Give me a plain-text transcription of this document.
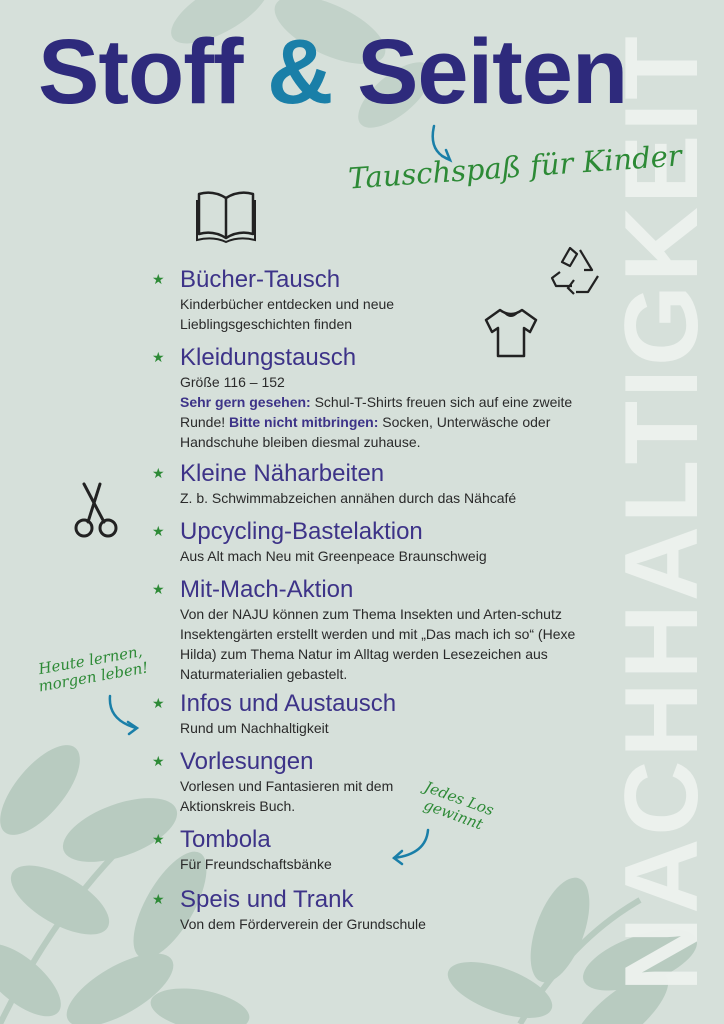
NACHHALTIGKEIT
Stoff & Seiten
Tauschspaß für Kinder
Heute lernen, morgen leben!
Jedes Los gewinnt
★ Bücher-Tausch
Kinderbücher entdecken und neue Lieblingsgeschichten finden
★ Kleidungstausch
Größe 116 – 152
Sehr gern gesehen: Schul-T-Shirts freuen sich auf eine zweite Runde! Bitte nicht mitbringen: Socken, Unterwäsche oder Handschuhe bleiben diesmal zuhause.
★ Kleine Näharbeiten
Z. b. Schwimmabzeichen annähen durch das Nähcafé
★ Upcycling-Bastelaktion
Aus Alt mach Neu mit Greenpeace Braunschweig
★ Mit-Mach-Aktion
Von der NAJU können zum Thema Insekten und Arten-schutz Insektengärten erstellt werden und mit „Das mach ich so“ (Hexe Hilda) zum Thema Natur im Alltag werden Lesezeichen aus Naturmaterialien gebastelt.
★ Infos und Austausch
Rund um Nachhaltigkeit
★ Vorlesungen
Vorlesen und Fantasieren mit dem Aktionskreis Buch.
★ Tombola
Für Freundschaftsbänke
★ Speis und Trank
Von dem Förderverein der Grundschule
